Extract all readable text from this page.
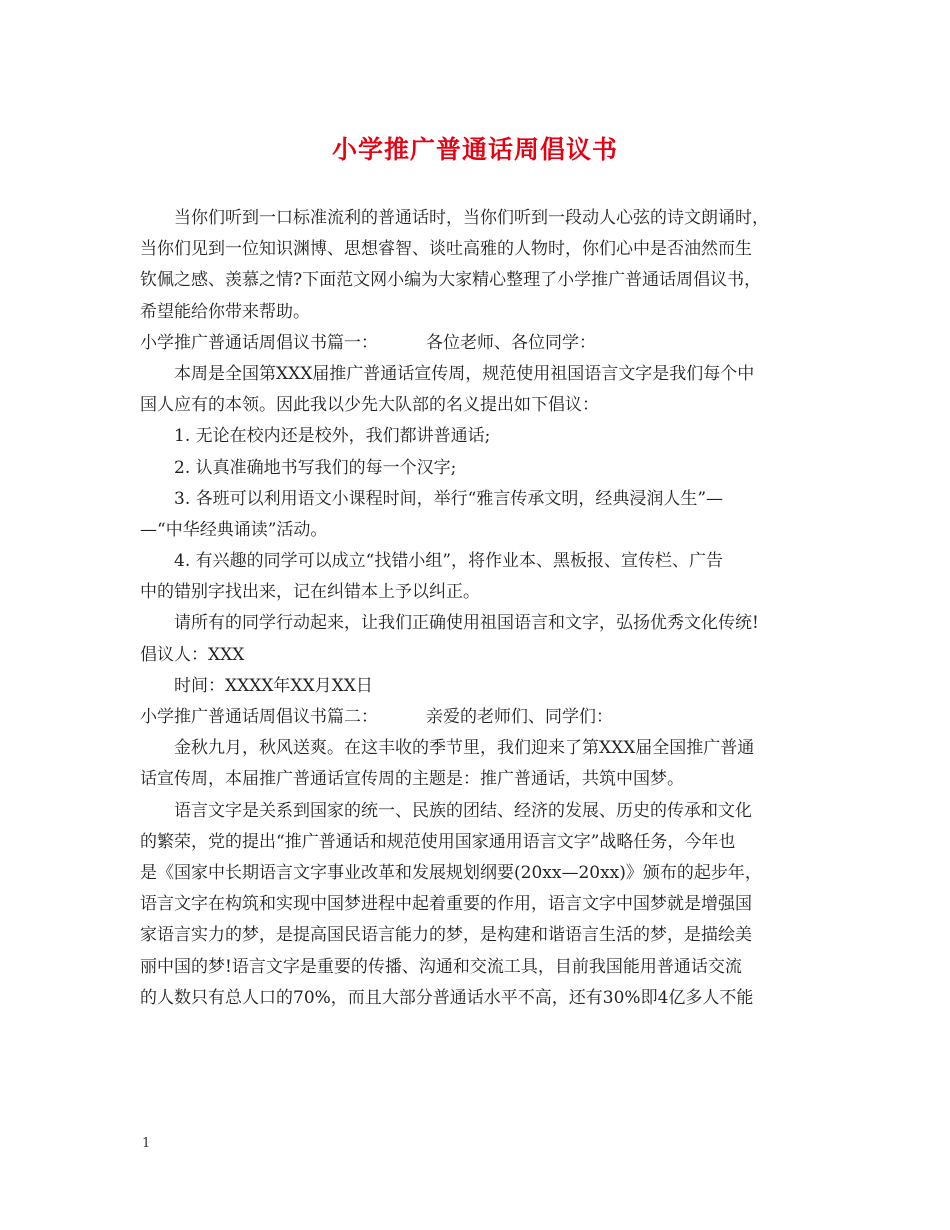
小学推广普通话周倡议书
当你们听到一口标准流利的普通话时，当你们听到一段动人心弦的诗文朗诵时，
当你们见到一位知识渊博、思想睿智、谈吐高雅的人物时，你们心中是否油然而生
钦佩之感、羡慕之情?下面范文网小编为大家精心整理了小学推广普通话周倡议书，
希望能给你带来帮助。
小学推广普通话周倡议书篇一：	各位老师、各位同学：
本周是全国第XXX届推广普通话宣传周，规范使用祖国语言文字是我们每个中
国人应有的本领。因此我以少先大队部的名义提出如下倡议：
1. 无论在校内还是校外，我们都讲普通话;
2. 认真准确地书写我们的每一个汉字;
3. 各班可以利用语文小课程时间，举行“雅言传承文明，经典浸润人生”—
—“中华经典诵读”活动。
4. 有兴趣的同学可以成立“找错小组”，将作业本、黑板报、宣传栏、广告
中的错别字找出来，记在纠错本上予以纠正。
请所有的同学行动起来，让我们正确使用祖国语言和文字，弘扬优秀文化传统!
倡议人：XXX
时间：XXXX年XX月XX日
小学推广普通话周倡议书篇二：	亲爱的老师们、同学们：
金秋九月，秋风送爽。在这丰收的季节里，我们迎来了第XXX届全国推广普通
话宣传周，本届推广普通话宣传周的主题是：推广普通话，共筑中国梦。
语言文字是关系到国家的统一、民族的团结、经济的发展、历史的传承和文化
的繁荣，党的提出“推广普通话和规范使用国家通用语言文字”战略任务，今年也
是《国家中长期语言文字事业改革和发展规划纲要(20xx—20xx)》颁布的起步年，
语言文字在构筑和实现中国梦进程中起着重要的作用，语言文字中国梦就是增强国
家语言实力的梦，是提高国民语言能力的梦，是构建和谐语言生活的梦，是描绘美
丽中国的梦!语言文字是重要的传播、沟通和交流工具，目前我国能用普通话交流
的人数只有总人口的70%，而且大部分普通话水平不高，还有30%即4亿多人不能
1
